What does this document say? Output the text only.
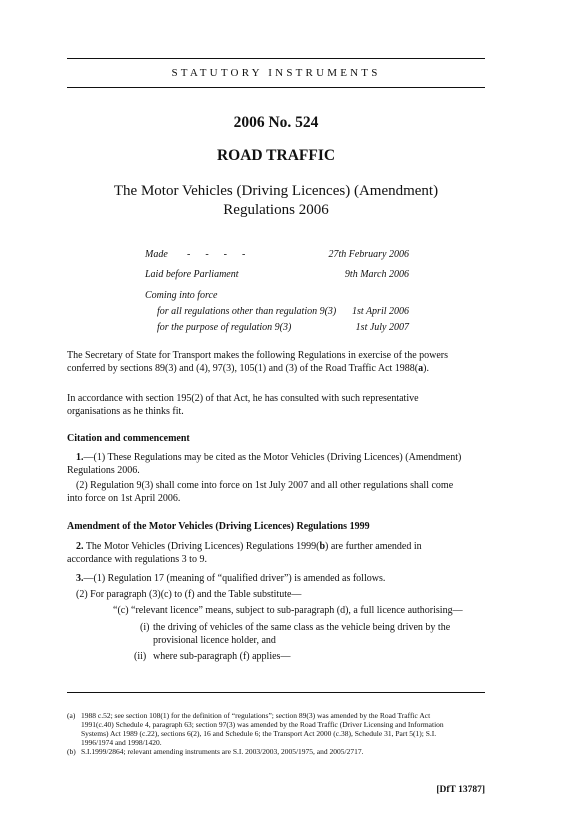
STATUTORY INSTRUMENTS
2006 No. 524
ROAD TRAFFIC
The Motor Vehicles (Driving Licences) (Amendment)
Regulations 2006
Made -      -      -      -	27th February 2006
Laid before Parliament	9th March 2006
Coming into force
for all regulations other than regulation 9(3) 1st April 2006
for the purpose of regulation 9(3)	1st July 2007
The Secretary of State for Transport makes the following Regulations in exercise of the powers
conferred by sections 89(3) and (4), 97(3), 105(1) and (3) of the Road Traffic Act 1988(a).
In accordance with section 195(2) of that Act, he has consulted with such representative
organisations as he thinks fit.
Citation and commencement
1.—(1) These Regulations may be cited as the Motor Vehicles (Driving Licences) (Amendment)
Regulations 2006.
(2) Regulation 9(3) shall come into force on 1st July 2007 and all other regulations shall come
into force on 1st April 2006.
Amendment of the Motor Vehicles (Driving Licences) Regulations 1999
2. The Motor Vehicles (Driving Licences) Regulations 1999(b) are further amended in
accordance with regulations 3 to 9.
3.—(1) Regulation 17 (meaning of “qualified driver”) is amended as follows.
(2) For paragraph (3)(c) to (f) and the Table substitute—
“(c) “relevant licence” means, subject to sub-paragraph (d), a full licence authorising—
(i) the driving of vehicles of the same class as the vehicle being driven by the
provisional licence holder, and
(ii) where sub-paragraph (f) applies—
(a) 1988 c.52; see section 108(1) for the definition of “regulations”; section 89(3) was amended by the Road Traffic Act
1991(c.40) Schedule 4, paragraph 63; section 97(3) was amended by the Road Traffic (Driver Licensing and Information
Systems) Act 1989 (c.22), sections 6(2), 16 and Schedule 6; the Transport Act 2000 (c.38), Schedule 31, Part 5(1); S.I.
1996/1974 and 1998/1420.
(b) S.I.1999/2864; relevant amending instruments are S.I. 2003/2003, 2005/1975, and 2005/2717.
[DfT 13787]
